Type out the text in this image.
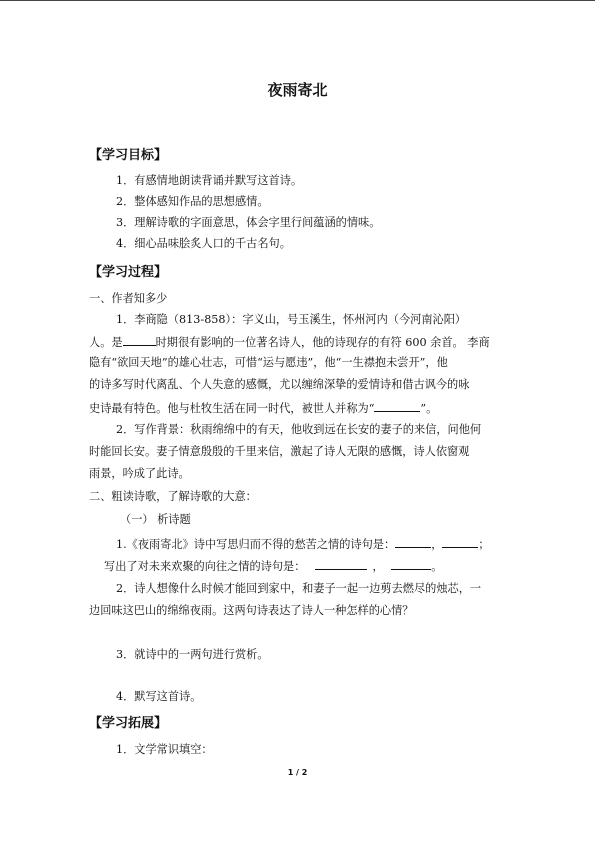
夜雨寄北
【学习目标】
1．有感情地朗读背诵并默写这首诗。
2．整体感知作品的思想感情。
3．理解诗歌的字面意思，体会字里行间蕴涵的情味。
4．细心品味脍炙人口的千古名句。
【学习过程】
一、作者知多少
1．李商隐（813-858）：字义山，号玉溪生，怀州河内（今河南沁阳）
人。是	时期很有影响的一位著名诗人，他的诗现存的有符 600 余首。 李商
隐有“欲回天地”的雄心壮志，可惜“运与愿违”，他“一生襟抱未尝开”，他
的诗多写时代离乱、个人失意的感慨，尤以缠绵深挚的爱情诗和借古讽今的咏
史诗最有特色。他与杜牧生活在同一时代，被世人并称为“	”。
2．写作背景：秋雨绵绵中的有天，他收到远在长安的妻子的来信，问他何
时能回长安。妻子情意殷殷的千里来信，激起了诗人无限的感慨，诗人依窗观
雨景，吟成了此诗。
二、粗读诗歌，了解诗歌的大意：
（一） 析诗题
1.《夜雨寄北》诗中写思归而不得的愁苦之情的诗句是：	，	；
写出了对未来欢聚的向往之情的诗句是：	，	。
2．诗人想像什么时候才能回到家中，和妻子一起一边剪去燃尽的烛芯，一
边回味这巴山的绵绵夜雨。这两句诗表达了诗人一种怎样的心情？
3．就诗中的一两句进行赏析。
4．默写这首诗。
【学习拓展】
1．文学常识填空：
1 / 2
